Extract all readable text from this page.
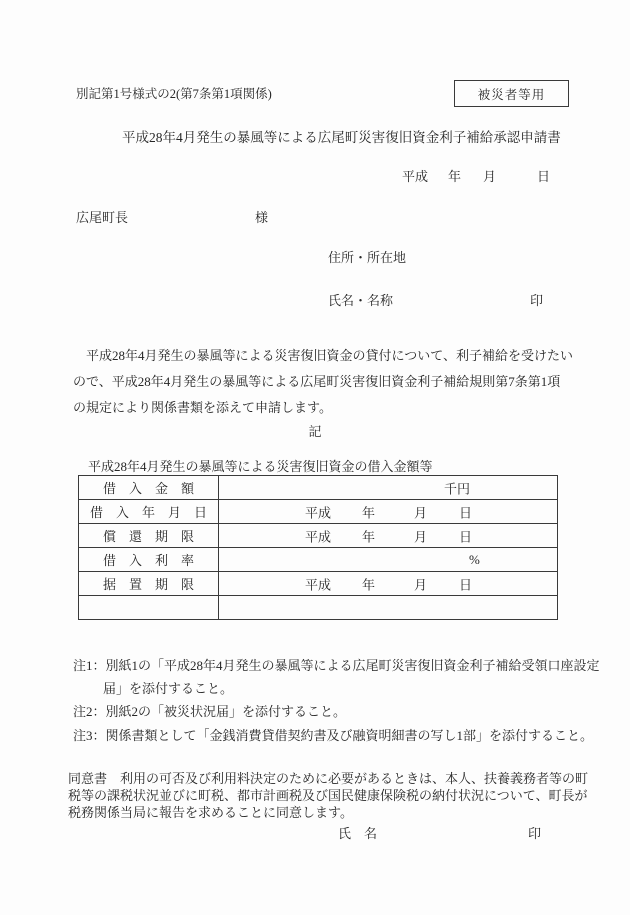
別記第1号様式の2(第7条第1項関係)	被災者等用
平成28年4月発生の暴風等による広尾町災害復旧資金利子補給承認申請書
平成 年 月	日
広尾町長	様
住所・所在地
氏名・名称	印
　平成28年4月発生の暴風等による災害復旧資金の貸付について、利子補給を受けたい
ので、平成28年4月発生の暴風等による広尾町災害復旧資金利子補給規則第7条第1項
の規定により関係書類を添えて申請します。
記
平成28年4月発生の暴風等による災害復旧資金の借入金額等
借　入　金　額	千円

借　入　年　月　日	平成 年 月 日

償　還　期　限	平成 年 月 日

借　入　利　率	%

据　置　期　限	平成 年 月 日

注1：別紙1の「平成28年4月発生の暴風等による広尾町災害復旧資金利子補給受領口座設定
届」を添付すること。
注2：別紙2の「被災状況届」を添付すること。
注3：関係書類として「金銭消費貸借契約書及び融資明細書の写し1部」を添付すること。
同意書　利用の可否及び利用料決定のために必要があるときは、本人、扶養義務者等の町
税等の課税状況並びに町税、都市計画税及び国民健康保険税の納付状況について、町長が
税務関係当局に報告を求めることに同意します。
氏　名	印
